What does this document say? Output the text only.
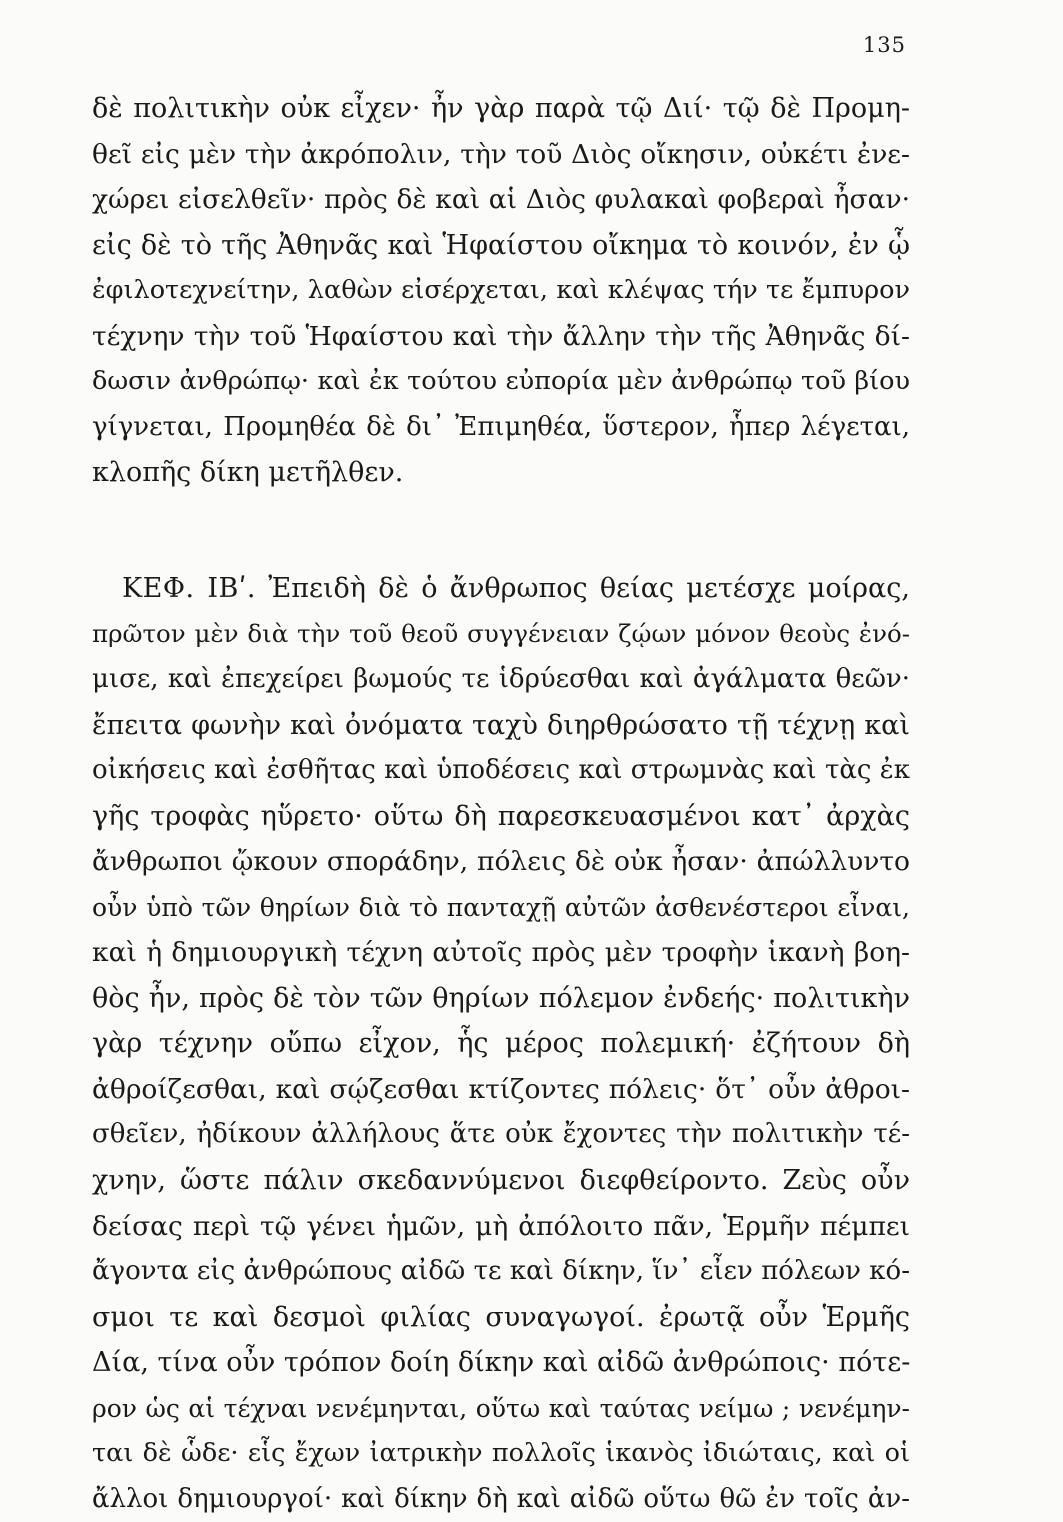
135
δὲ πολιτικὴν οὐκ εἶχεν· ἦν γὰρ παρὰ τῷ Διί· τῷ δὲ Προμη-
θεῖ εἰς μὲν τὴν ἀκρόπολιν, τὴν τοῦ Διὸς οἴκησιν, οὐκέτι ἐνε-
χώρει εἰσελθεῖν· πρὸς δὲ καὶ αἱ Διὸς φυλακαὶ φοβεραὶ ἦσαν·
εἰς δὲ τὸ τῆς Ἀθηνᾶς καὶ Ἡφαίστου οἴκημα τὸ κοινόν, ἐν ᾧ
ἐφιλοτεχνείτην, λαθὼν εἰσέρχεται, καὶ κλέψας τήν τε ἔμπυρον
τέχνην τὴν τοῦ Ἡφαίστου καὶ τὴν ἄλλην τὴν τῆς Ἀθηνᾶς δί-
δωσιν ἀνθρώπῳ· καὶ ἐκ τούτου εὐπορία μὲν ἀνθρώπῳ τοῦ βίου
γίγνεται, Προμηθέα δὲ δι᾽ Ἐπιμηθέα, ὕστερον, ἧπερ λέγεται,
κλοπῆς δίκη μετῆλθεν.
ΚΕΦ. ΙΒʹ. Ἐπειδὴ δὲ ὁ ἄνθρωπος θείας μετέσχε μοίρας,
πρῶτον μὲν διὰ τὴν τοῦ θεοῦ συγγένειαν ζῴων μόνον θεοὺς ἐνό-
μισε, καὶ ἐπεχείρει βωμούς τε ἱδρύεσθαι καὶ ἀγάλματα θεῶν·
ἔπειτα φωνὴν καὶ ὀνόματα ταχὺ διηρθρώσατο τῇ τέχνῃ καὶ
οἰκήσεις καὶ ἐσθῆτας καὶ ὑποδέσεις καὶ στρωμνὰς καὶ τὰς ἐκ
γῆς τροφὰς ηὕρετο· οὕτω δὴ παρεσκευασμένοι κατ᾽ ἀρχὰς
ἄνθρωποι ᾤκουν σποράδην, πόλεις δὲ οὐκ ἦσαν· ἀπώλλυντο
οὖν ὑπὸ τῶν θηρίων διὰ τὸ πανταχῇ αὐτῶν ἀσθενέστεροι εἶναι,
καὶ ἡ δημιουργικὴ τέχνη αὐτοῖς πρὸς μὲν τροφὴν ἱκανὴ βοη-
θὸς ἦν, πρὸς δὲ τὸν τῶν θηρίων πόλεμον ἐνδεής· πολιτικὴν
γὰρ τέχνην οὔπω εἶχον, ἧς μέρος πολεμική· ἐζήτουν δὴ
ἀθροίζεσθαι, καὶ σῴζεσθαι κτίζοντες πόλεις· ὅτ᾽ οὖν ἀθροι-
σθεῖεν, ἠδίκουν ἀλλήλους ἅτε οὐκ ἔχοντες τὴν πολιτικὴν τέ-
χνην, ὥστε πάλιν σκεδαννύμενοι διεφθείροντο. Ζεὺς οὖν
δείσας περὶ τῷ γένει ἡμῶν, μὴ ἀπόλοιτο πᾶν, Ἑρμῆν πέμπει
ἄγοντα εἰς ἀνθρώπους αἰδῶ τε καὶ δίκην, ἵν᾽ εἶεν πόλεων κό-
σμοι τε καὶ δεσμοὶ φιλίας συναγωγοί. ἐρωτᾷ οὖν Ἑρμῆς
Δία, τίνα οὖν τρόπον δοίη δίκην καὶ αἰδῶ ἀνθρώποις· πότε-
ρον ὡς αἱ τέχναι νενέμηνται, οὕτω καὶ ταύτας νείμω ; νενέμην-
ται δὲ ὧδε· εἷς ἔχων ἰατρικὴν πολλοῖς ἱκανὸς ἰδιώταις, καὶ οἱ
ἄλλοι δημιουργοί· καὶ δίκην δὴ καὶ αἰδῶ οὕτω θῶ ἐν τοῖς ἀν-
